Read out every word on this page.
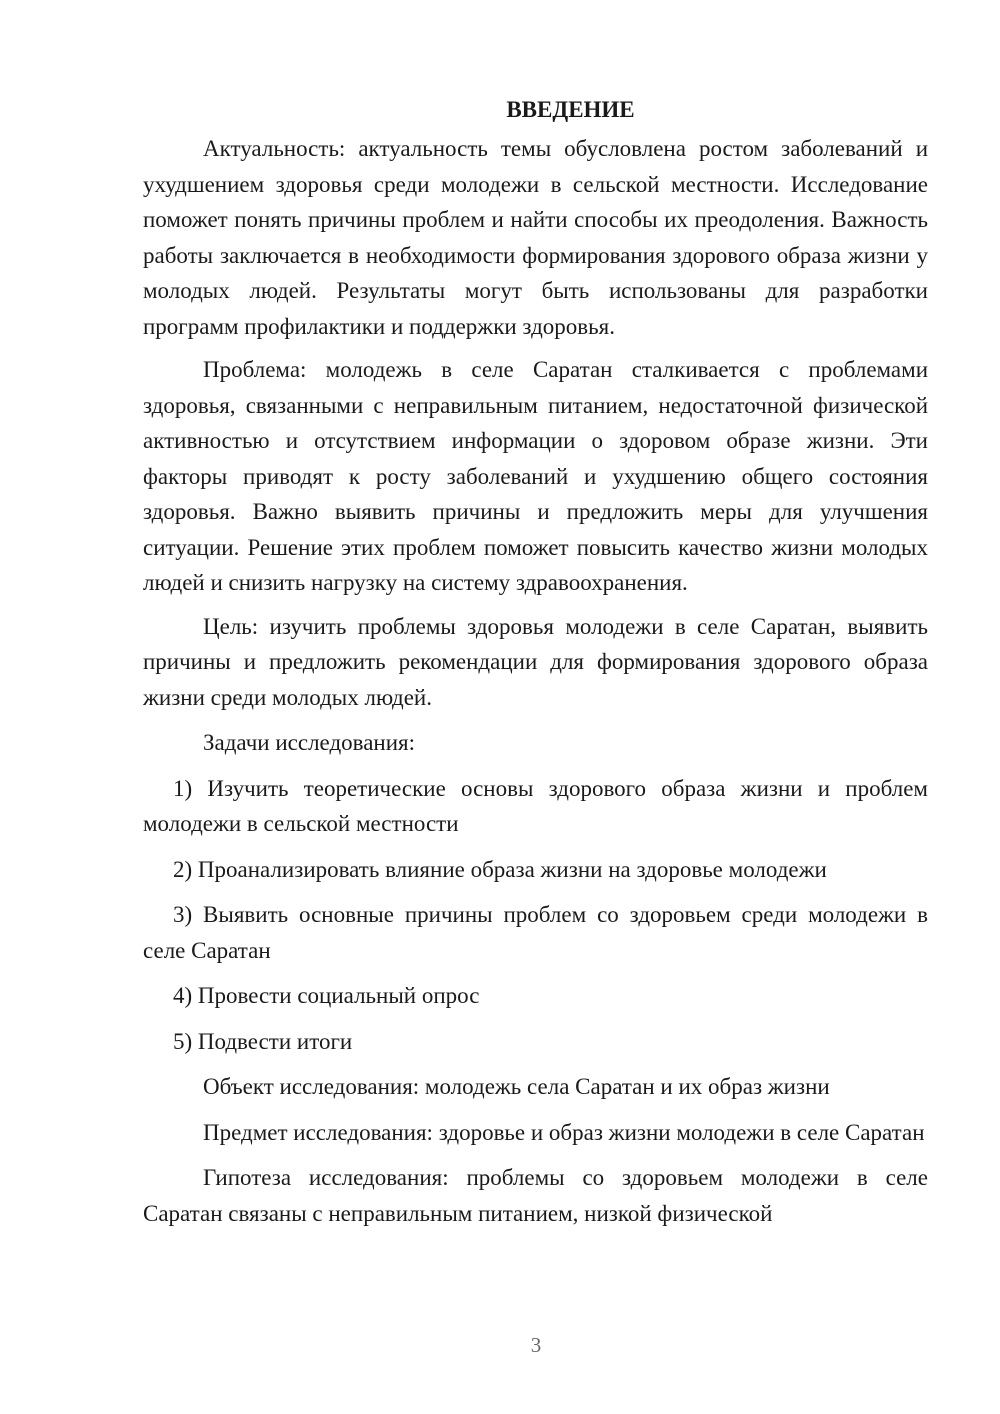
ВВЕДЕНИЕ

Актуальность: актуальность темы обусловлена ростом заболеваний и ухудшением здоровья среди молодежи в сельской местности. Исследование поможет понять причины проблем и найти способы их преодоления. Важность работы заключается в необходимости формирования здорового образа жизни у молодых людей. Результаты могут быть использованы для разработки программ профилактики и поддержки здоровья.

Проблема: молодежь в селе Саратан сталкивается с проблемами здоровья, связанными с неправильным питанием, недостаточной физической активностью и отсутствием информации о здоровом образе жизни. Эти факторы приводят к росту заболеваний и ухудшению общего состояния здоровья. Важно выявить причины и предложить меры для улучшения ситуации. Решение этих проблем поможет повысить качество жизни молодых людей и снизить нагрузку на систему здравоохранения.

Цель: изучить проблемы здоровья молодежи в селе Саратан, выявить причины и предложить рекомендации для формирования здорового образа жизни среди молодых людей.

Задачи исследования:

1) Изучить теоретические основы здорового образа жизни и проблем молодежи в сельской местности

2) Проанализировать влияние образа жизни на здоровье молодежи

3) Выявить основные причины проблем со здоровьем среди молодежи в селе Саратан

4) Провести социальный опрос

5) Подвести итоги

Объект исследования: молодежь села Саратан и их образ жизни

Предмет исследования: здоровье и образ жизни молодежи в селе Саратан

Гипотеза исследования: проблемы со здоровьем молодежи в селе Саратан связаны с неправильным питанием, низкой физической

3
